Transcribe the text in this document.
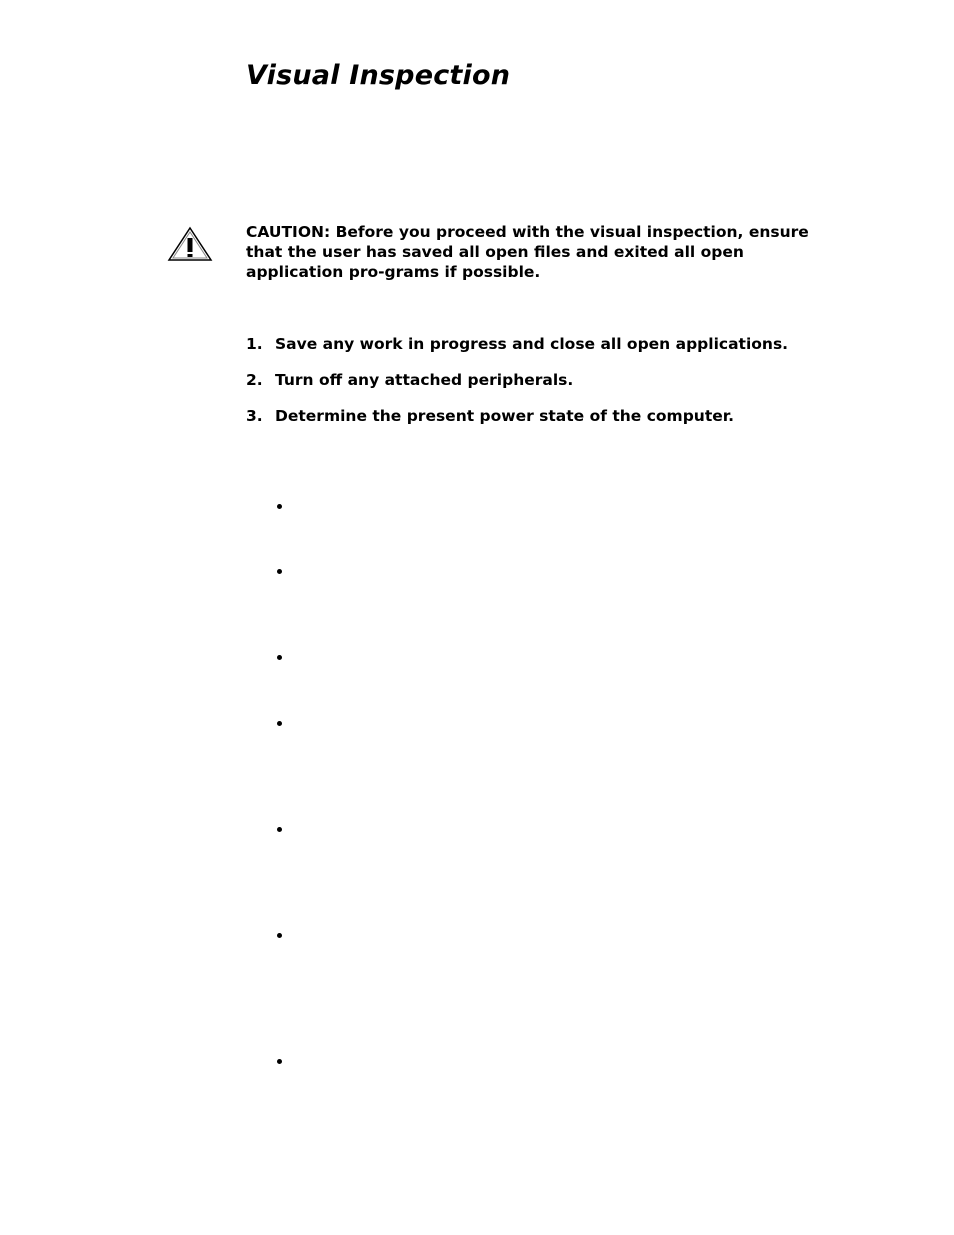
Visual Inspection

CAUTION: Before you proceed with the visual inspection, ensure that the user has saved all open files and exited all open application pro-grams if possible.

1. Save any work in progress and close all open applications.
2. Turn off any attached peripherals.
3. Determine the present power state of the computer.
